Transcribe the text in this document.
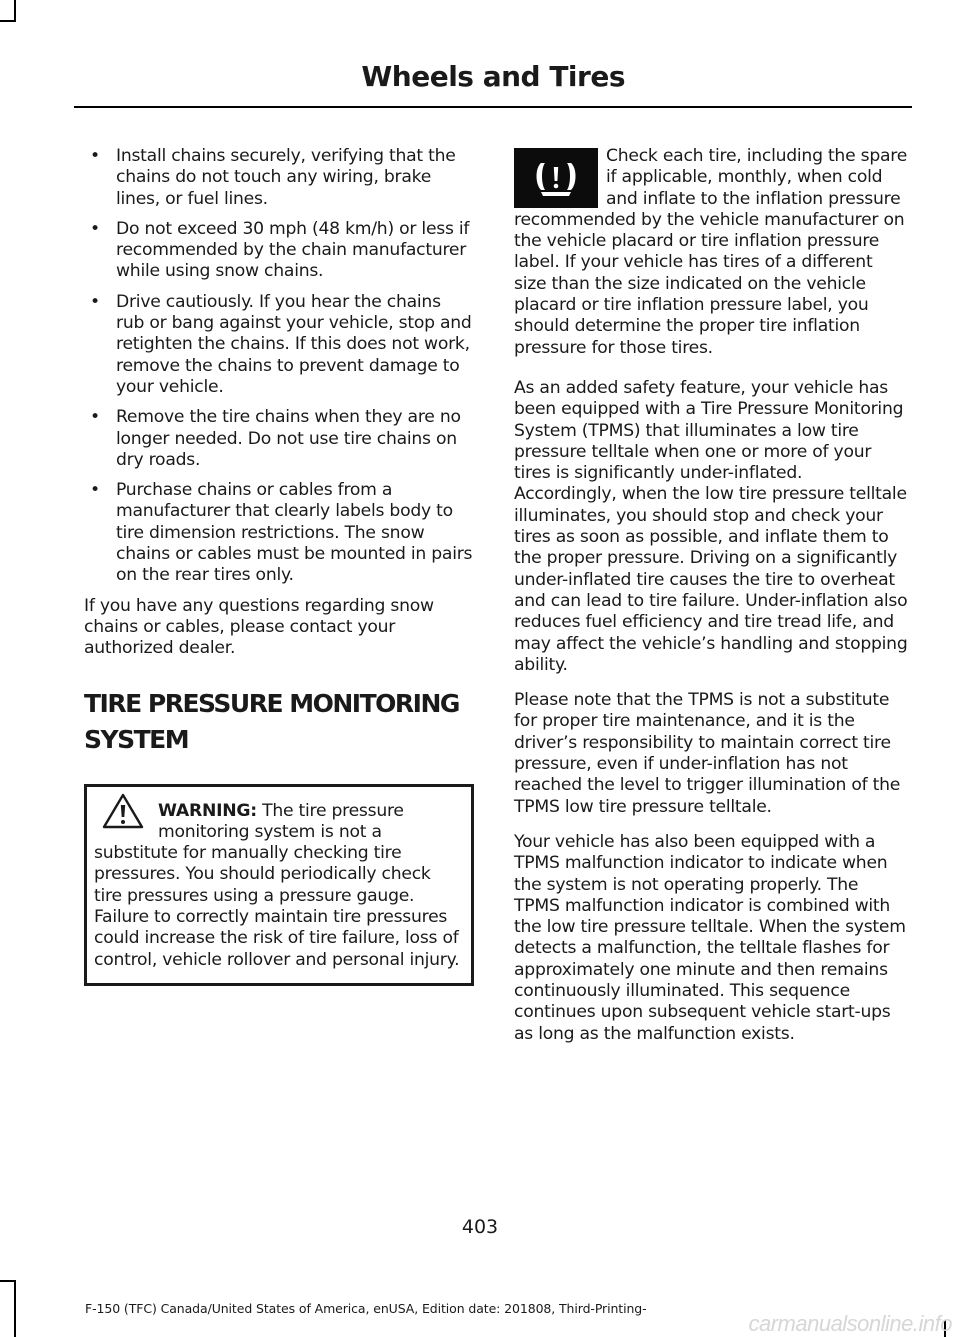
Wheels and Tires
• Install chains securely, verifying that the chains do not touch any wiring, brake lines, or fuel lines.
• Do not exceed 30 mph (48 km/h) or less if recommended by the chain manufacturer while using snow chains.
• Drive cautiously. If you hear the chains rub or bang against your vehicle, stop and retighten the chains. If this does not work, remove the chains to prevent damage to your vehicle.
• Remove the tire chains when they are no longer needed. Do not use tire chains on dry roads.
• Purchase chains or cables from a manufacturer that clearly labels body to tire dimension restrictions. The snow chains or cables must be mounted in pairs on the rear tires only.

If you have any questions regarding snow chains or cables, please contact your authorized dealer.

TIRE PRESSURE MONITORING
SYSTEM
WARNING: The tire pressure monitoring system is not a substitute for manually checking tire pressures. You should periodically check tire pressures using a pressure gauge. Failure to correctly maintain tire pressures could increase the risk of tire failure, loss of control, vehicle rollover and personal injury.

Check each tire, including the spare if applicable, monthly, when cold and inflate to the inflation pressure recommended by the vehicle manufacturer on the vehicle placard or tire inflation pressure label. If your vehicle has tires of a different size than the size indicated on the vehicle placard or tire inflation pressure label, you should determine the proper tire inflation pressure for those tires.

As an added safety feature, your vehicle has been equipped with a Tire Pressure Monitoring System (TPMS) that illuminates a low tire pressure telltale when one or more of your tires is significantly under-inflated. Accordingly, when the low tire pressure telltale illuminates, you should stop and check your tires as soon as possible, and inflate them to the proper pressure. Driving on a significantly under-inflated tire causes the tire to overheat and can lead to tire failure. Under-inflation also reduces fuel efficiency and tire tread life, and may affect the vehicle’s handling and stopping ability.

Please note that the TPMS is not a substitute for proper tire maintenance, and it is the driver’s responsibility to maintain correct tire pressure, even if under-inflation has not reached the level to trigger illumination of the TPMS low tire pressure telltale.

Your vehicle has also been equipped with a TPMS malfunction indicator to indicate when the system is not operating properly. The TPMS malfunction indicator is combined with the low tire pressure telltale. When the system detects a malfunction, the telltale flashes for approximately one minute and then remains continuously illuminated. This sequence continues upon subsequent vehicle start-ups as long as the malfunction exists.

403
F-150 (TFC) Canada/United States of America, enUSA, Edition date: 201808, Third-Printing-
carmanualsonline.info
